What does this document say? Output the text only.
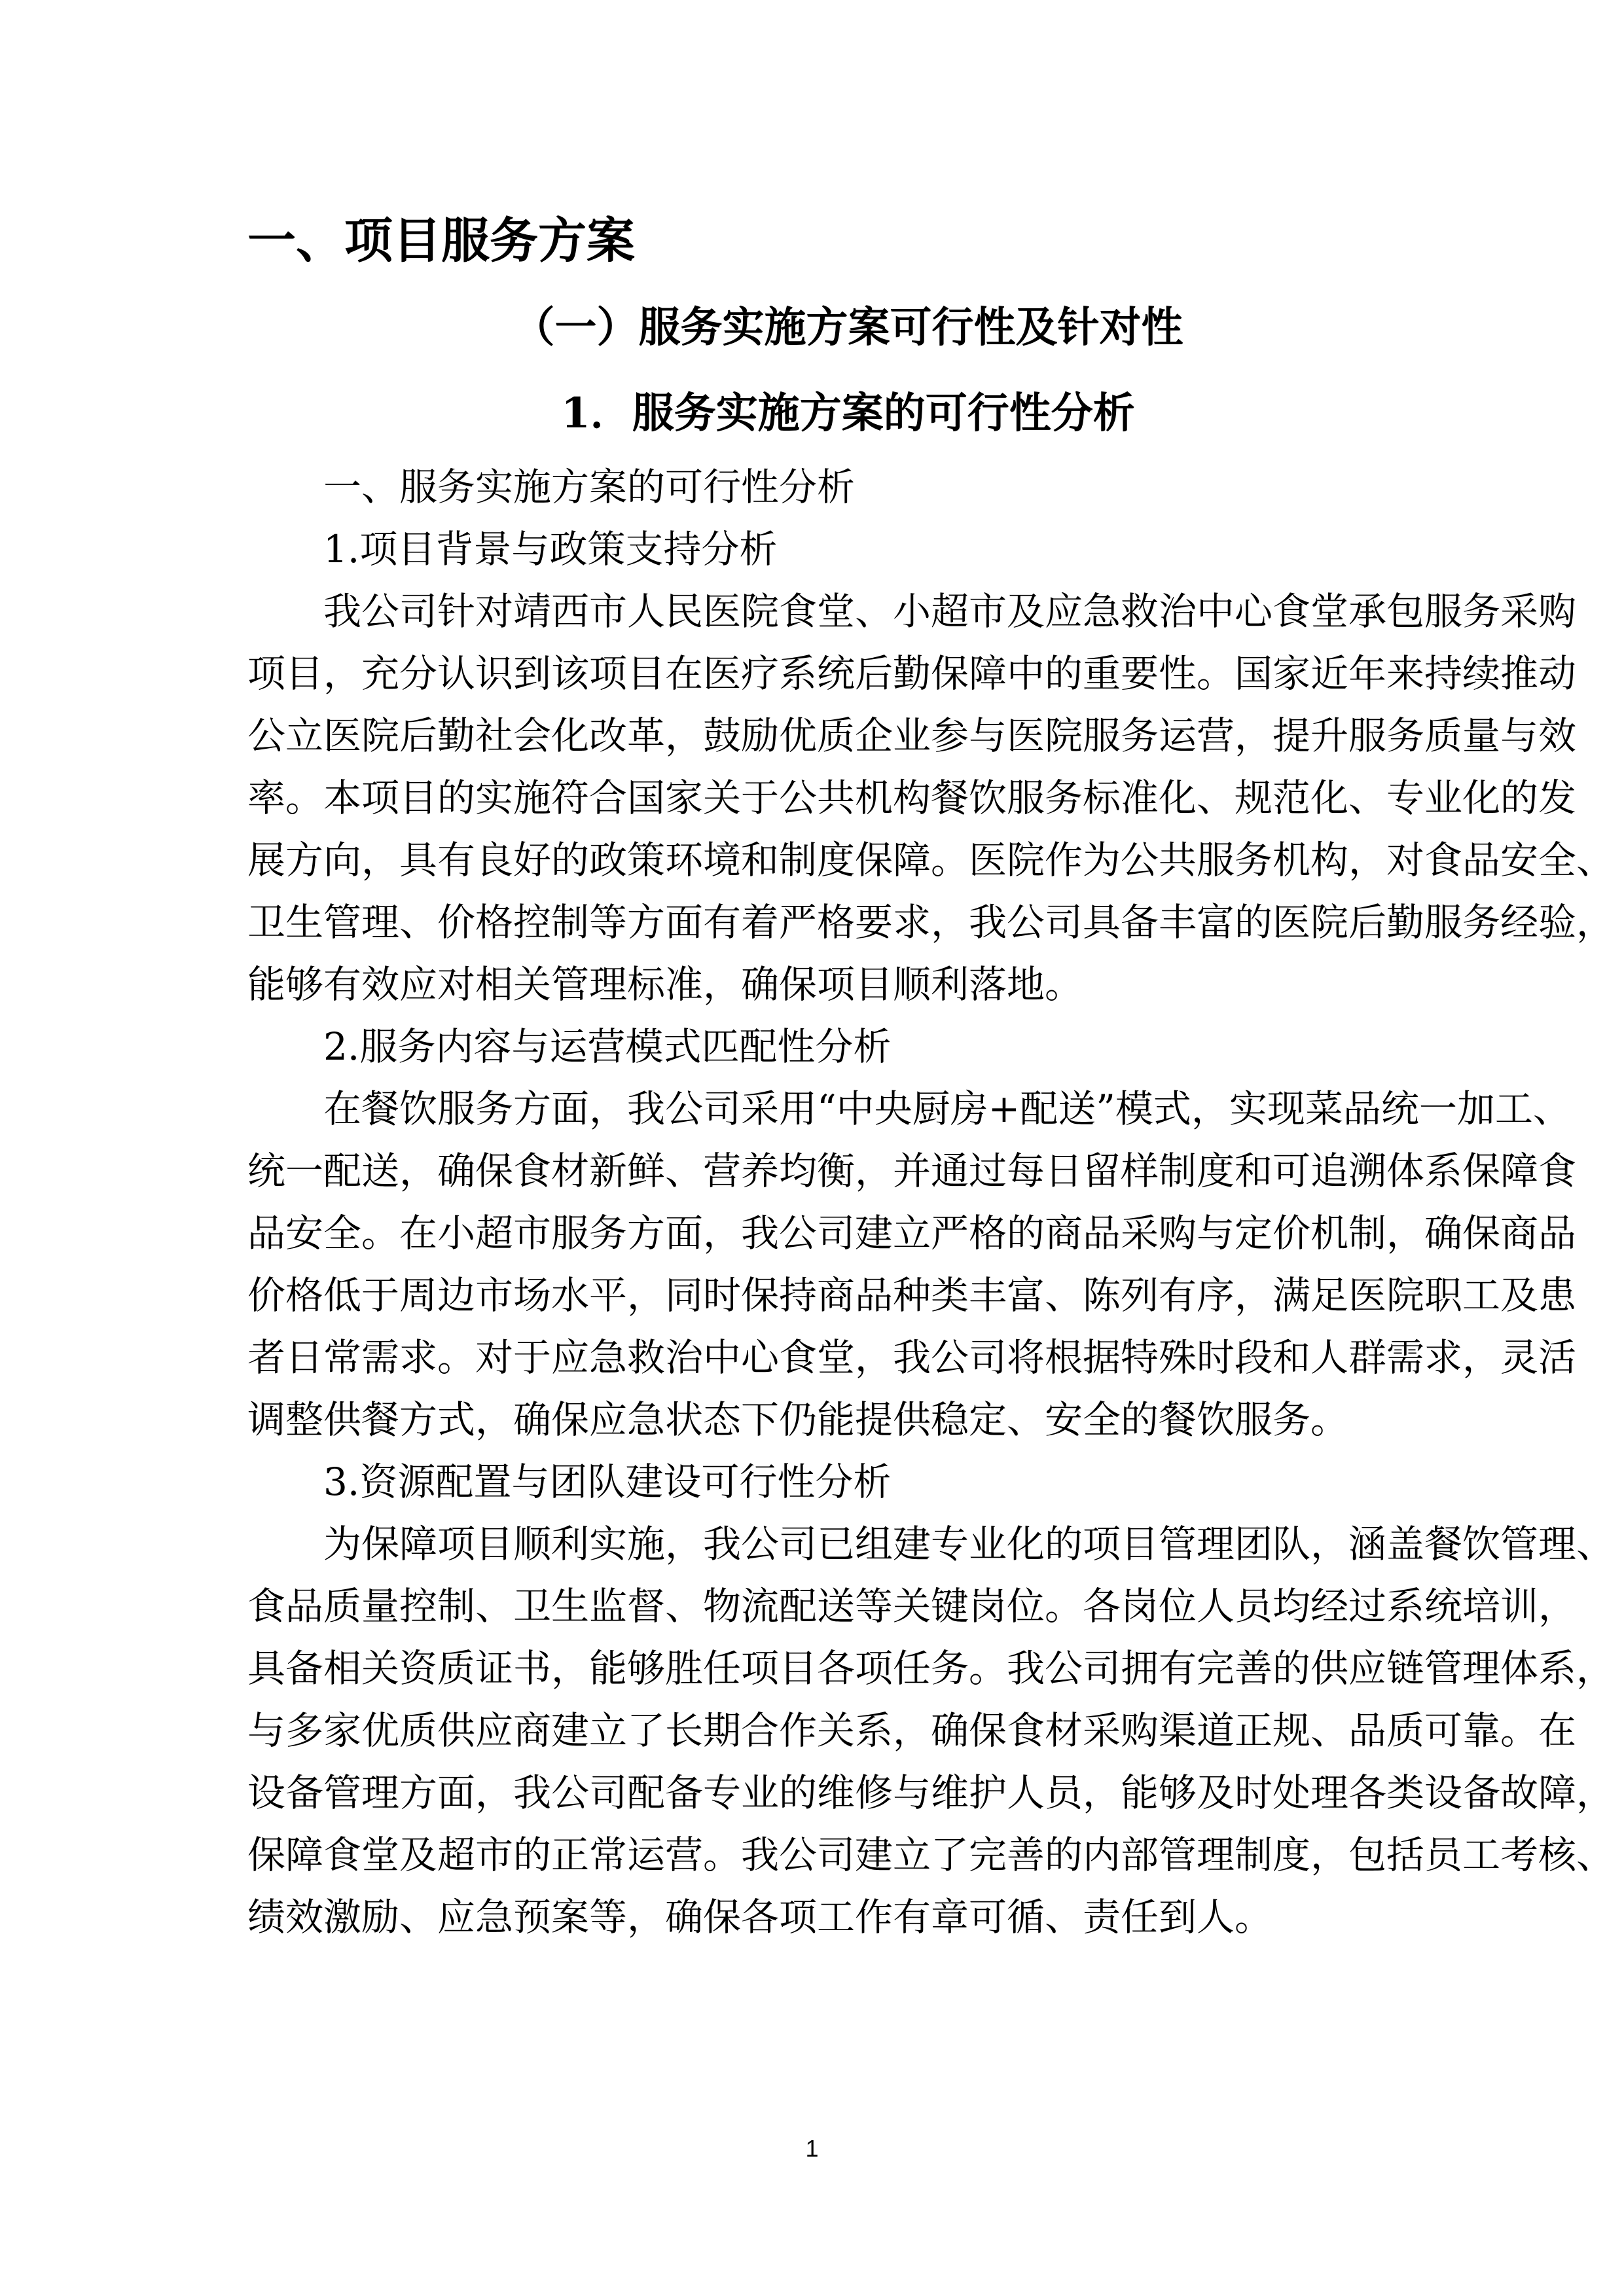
一、项目服务方案
（一）服务实施方案可行性及针对性
1．服务实施方案的可行性分析
一、服务实施方案的可行性分析
1.项目背景与政策支持分析
我公司针对靖西市人民医院食堂、小超市及应急救治中心食堂承包服务采购
项目，充分认识到该项目在医疗系统后勤保障中的重要性。国家近年来持续推动
公立医院后勤社会化改革，鼓励优质企业参与医院服务运营，提升服务质量与效
率。本项目的实施符合国家关于公共机构餐饮服务标准化、规范化、专业化的发
展方向，具有良好的政策环境和制度保障。医院作为公共服务机构，对食品安全、
卫生管理、价格控制等方面有着严格要求，我公司具备丰富的医院后勤服务经验，
能够有效应对相关管理标准，确保项目顺利落地。
2.服务内容与运营模式匹配性分析
在餐饮服务方面，我公司采用“中央厨房+配送”模式，实现菜品统一加工、
统一配送，确保食材新鲜、营养均衡，并通过每日留样制度和可追溯体系保障食
品安全。在小超市服务方面，我公司建立严格的商品采购与定价机制，确保商品
价格低于周边市场水平，同时保持商品种类丰富、陈列有序，满足医院职工及患
者日常需求。对于应急救治中心食堂，我公司将根据特殊时段和人群需求，灵活
调整供餐方式，确保应急状态下仍能提供稳定、安全的餐饮服务。
3.资源配置与团队建设可行性分析
为保障项目顺利实施，我公司已组建专业化的项目管理团队，涵盖餐饮管理、
食品质量控制、卫生监督、物流配送等关键岗位。各岗位人员均经过系统培训，
具备相关资质证书，能够胜任项目各项任务。我公司拥有完善的供应链管理体系，
与多家优质供应商建立了长期合作关系，确保食材采购渠道正规、品质可靠。在
设备管理方面，我公司配备专业的维修与维护人员，能够及时处理各类设备故障，
保障食堂及超市的正常运营。我公司建立了完善的内部管理制度，包括员工考核、
绩效激励、应急预案等，确保各项工作有章可循、责任到人。
1
